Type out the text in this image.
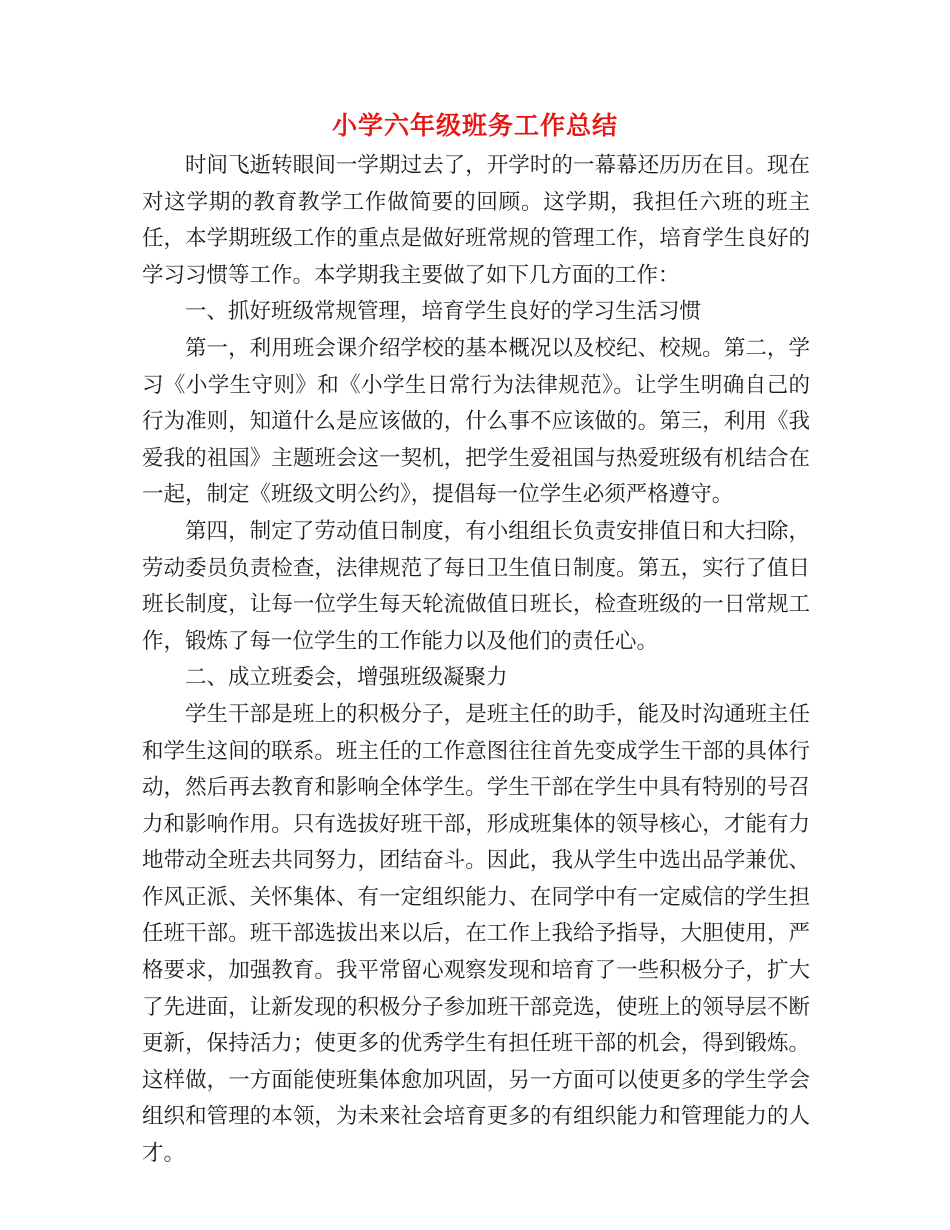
小学六年级班务工作总结

时间飞逝转眼间一学期过去了，开学时的一幕幕还历历在目。现在对这学期的教育教学工作做简要的回顾。这学期，我担任六班的班主任，本学期班级工作的重点是做好班常规的管理工作，培育学生良好的学习习惯等工作。本学期我主要做了如下几方面的工作：

一、抓好班级常规管理，培育学生良好的学习生活习惯

第一，利用班会课介绍学校的基本概况以及校纪、校规。第二，学习《小学生守则》和《小学生日常行为法律规范》。让学生明确自己的行为准则，知道什么是应该做的，什么事不应该做的。第三，利用《我爱我的祖国》主题班会这一契机，把学生爱祖国与热爱班级有机结合在一起，制定《班级文明公约》，提倡每一位学生必须严格遵守。

第四，制定了劳动值日制度，有小组组长负责安排值日和大扫除，劳动委员负责检查，法律规范了每日卫生值日制度。第五，实行了值日班长制度，让每一位学生每天轮流做值日班长，检查班级的一日常规工作，锻炼了每一位学生的工作能力以及他们的责任心。

二、成立班委会，增强班级凝聚力

学生干部是班上的积极分子，是班主任的助手，能及时沟通班主任和学生这间的联系。班主任的工作意图往往首先变成学生干部的具体行动，然后再去教育和影响全体学生。学生干部在学生中具有特别的号召力和影响作用。只有选拔好班干部，形成班集体的领导核心，才能有力地带动全班去共同努力，团结奋斗。因此，我从学生中选出品学兼优、作风正派、关怀集体、有一定组织能力、在同学中有一定威信的学生担任班干部。班干部选拔出来以后，在工作上我给予指导，大胆使用，严格要求，加强教育。我平常留心观察发现和培育了一些积极分子，扩大了先进面，让新发现的积极分子参加班干部竞选，使班上的领导层不断更新，保持活力；使更多的优秀学生有担任班干部的机会，得到锻炼。这样做，一方面能使班集体愈加巩固，另一方面可以使更多的学生学会组织和管理的本领，为未来社会培育更多的有组织能力和管理能力的人才。
